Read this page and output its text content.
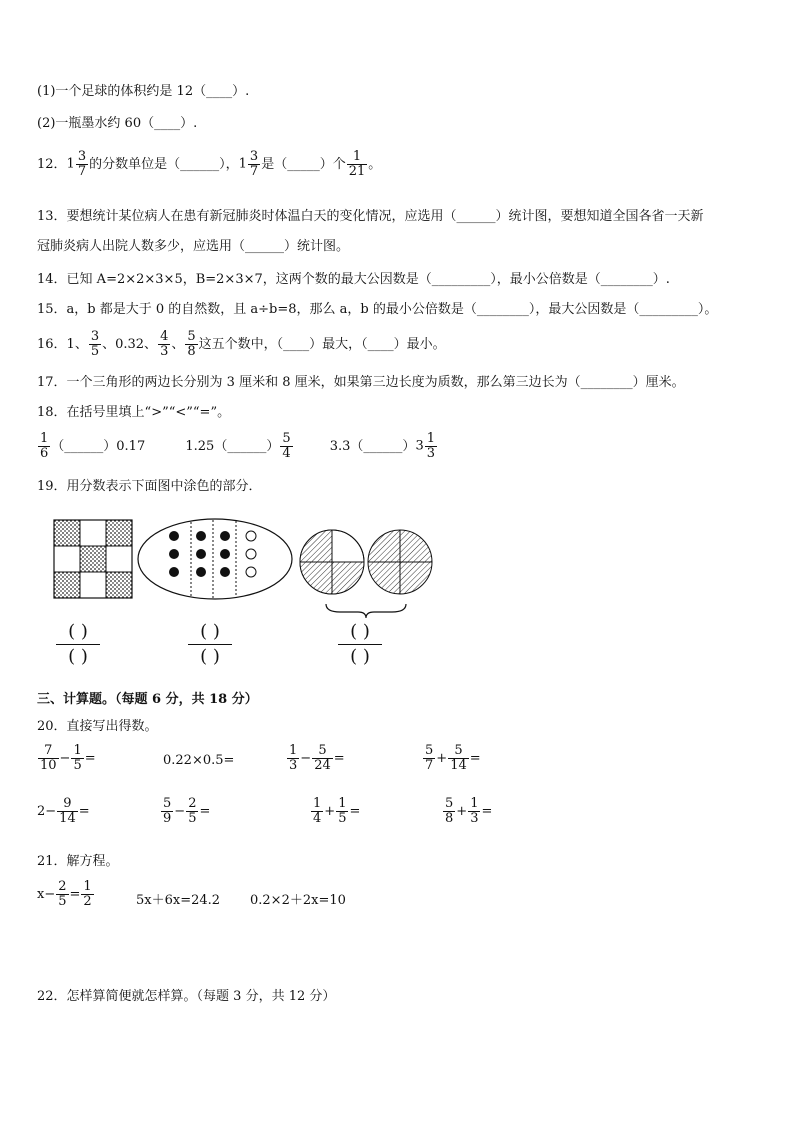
(1)一个足球的体积约是 12（____）.
(2)一瓶墨水约 60（____）.
12．$1 \frac{3}{7}$ 的分数单位是（______），$1 \frac{3}{7}$ 是（_____）个 $\frac{1}{21}$ 。
13．要想统计某位病人在患有新冠肺炎时体温白天的变化情况，应选用（______）统计图，要想知道全国各省一天新
冠肺炎病人出院人数多少，应选用（______）统计图。
14．已知 A=2×2×3×5，B=2×3×7，这两个数的最大公因数是（_________），最小公倍数是（________）.
15．a，b 都是大于 0 的自然数，且 a÷b=8，那么 a，b 的最小公倍数是（________），最大公因数是（_________）。
16．1、 $\frac{3}{5}$ 、0.32、 $\frac{4}{3}$ 、 $\frac{5}{8}$ 这五个数中，（____）最大，（____）最小。
17．一个三角形的两边长分别为 3 厘米和 8 厘米，如果第三边长度为质数，那么第三边长为（________）厘米。
18．在括号里填上“>”“<”“=”。
$\frac{1}{6}$ （______）0.17	1.25（______） $\frac{5}{4}$	3.3（______）3 $\frac{1}{3}$
19．用分数表示下面图中涂色的部分．
( )
( )
( )
( )
( )
( )
三、计算题。（每题 6 分，共 18 分）
20．直接写出得数。
$\frac{7}{10} - \frac{1}{5}$ =	0.22×0.5=	$\frac{1}{3} - \frac{5}{24}$ =	$\frac{5}{7} + \frac{5}{14}$ =
$2- \frac{9}{14}$ =	$\frac{5}{9} - \frac{2}{5}$ =	$\frac{1}{4} + \frac{1}{5}$ =	$\frac{5}{8} + \frac{1}{3}$ =
21．解方程。
$x- \frac{2}{5} = \frac{1}{2}$	5x＋6x=24.2 0.2×2＋2x=10
22．怎样算简便就怎样算。（每题 3 分，共 12 分）
